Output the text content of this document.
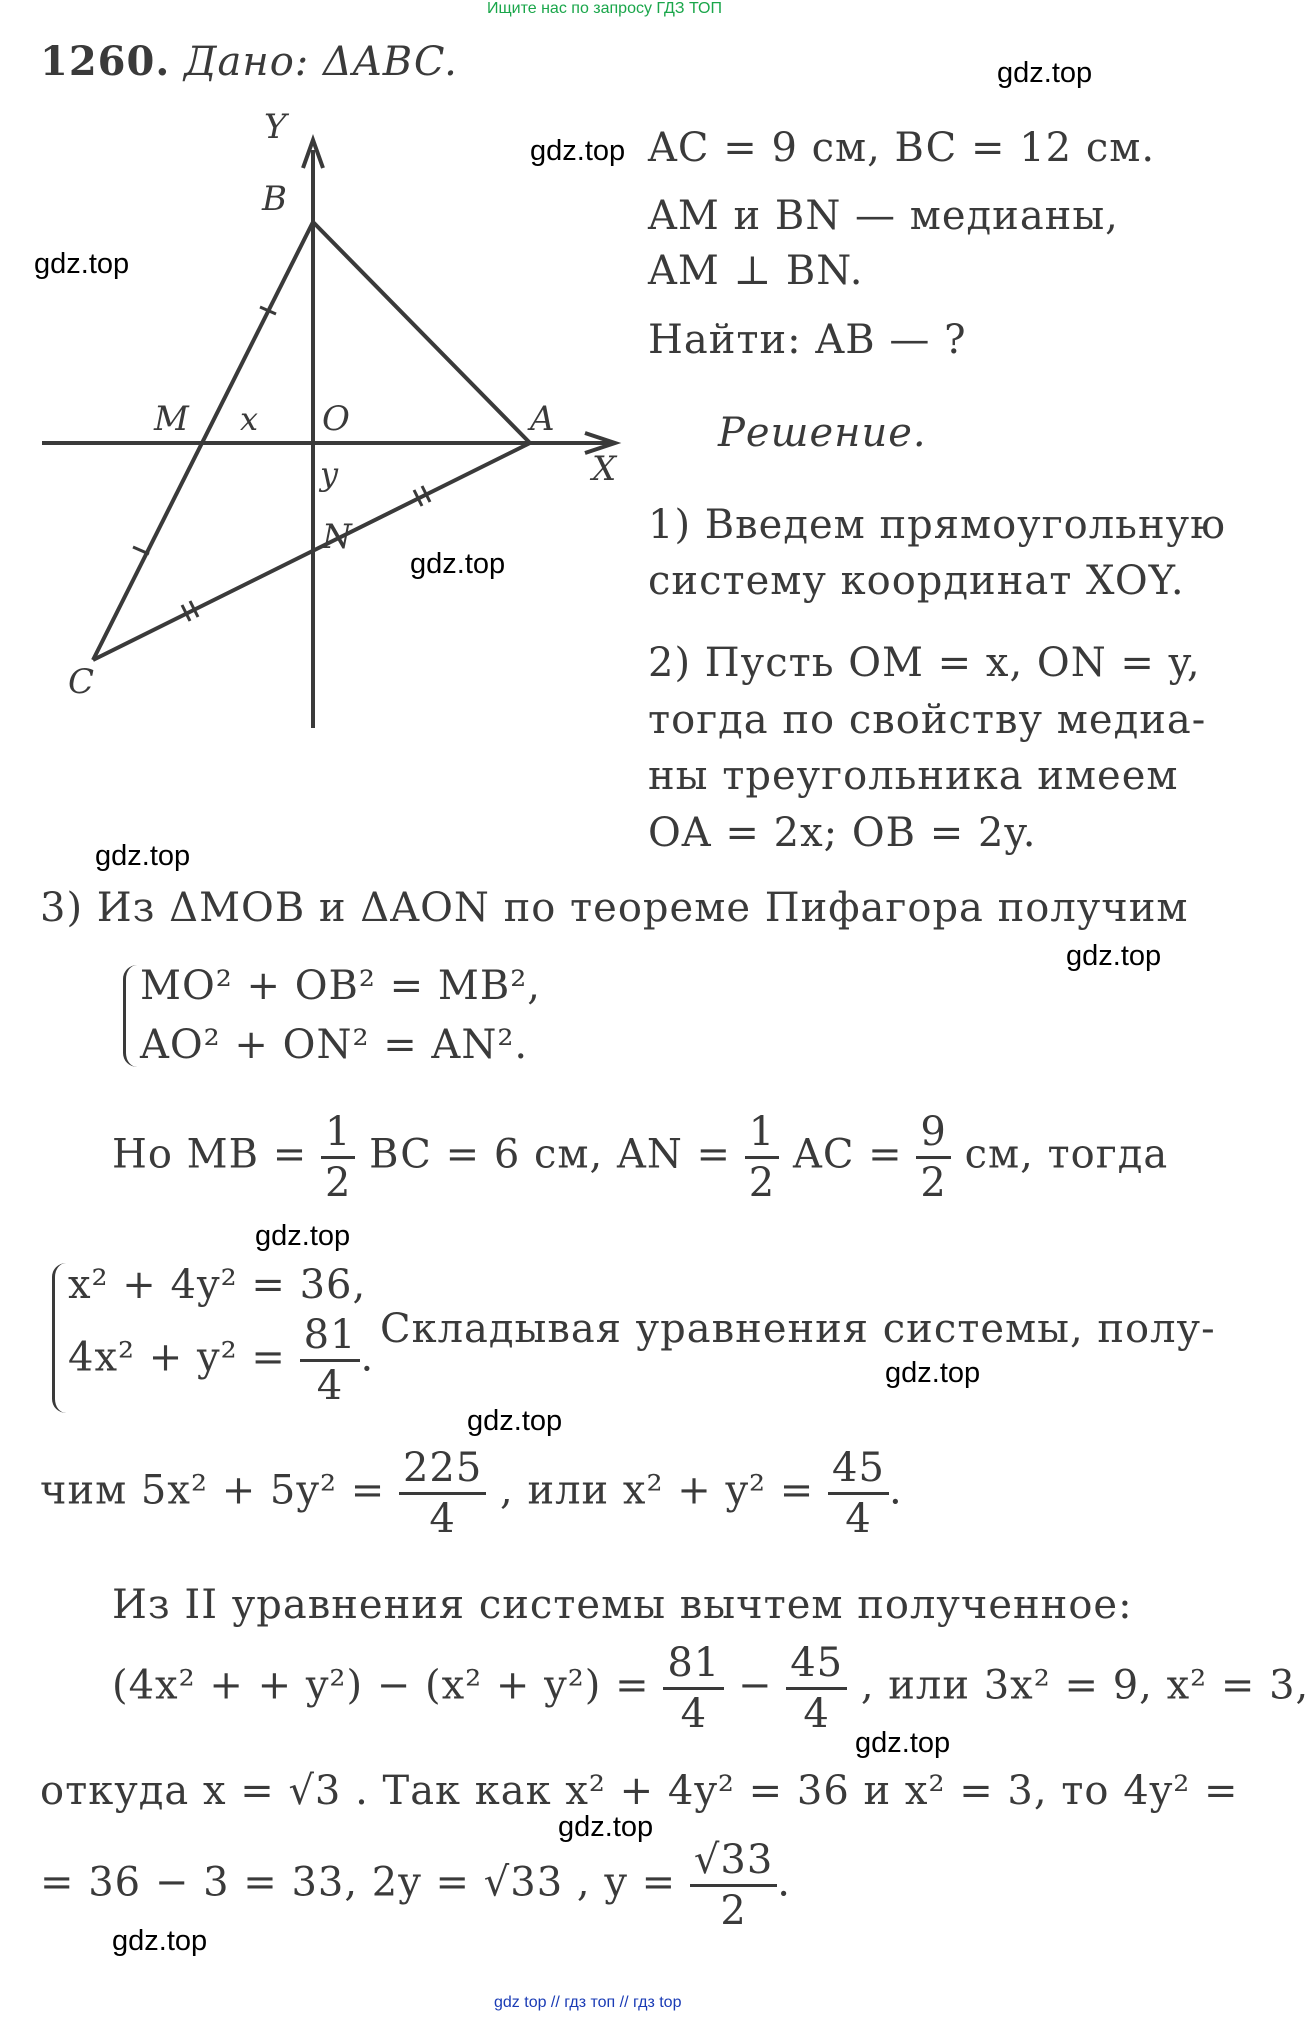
Ищите нас по запросу ГДЗ ТОП
1260. Дано: ΔABC.
Y
X
B
M x O	A
y
N
C
AC = 9 см, BC = 12 см.
AM и BN — медианы,
AM ⊥ BN.
Найти: AB — ?
Решение.
1) Введем прямоугольную
систему координат XOY.
2) Пусть OM = x, ON = y,
тогда по свойству медиа-
ны треугольника имеем
OA = 2x; OB = 2y.
3) Из ΔMOB и ΔAON по теореме Пифагора получим
MO² + OB² = MB²,
AO² + ON² = AN².
Но MB = $\frac{1}{2}$ BC = 6 см, AN = $\frac{1}{2}$ AC = $\frac{9}{2}$ см, тогда
x² + 4y² = 36,
$4x^2 + y^2 = \frac{81}{4}$ .
Складывая уравнения системы, полу-
чим $5x^2 + 5y^2 = \frac{225}{4}$ , или $x^2 + y^2 = \frac{45}{4}$ .
Из II уравнения системы вычтем полученное:
(4x² + + $y^2) - (x^2 + y^2) = \frac{81}{4} - \frac{45}{4}$ , или 3x² = 9, x² = 3,
откуда x = √3 . Так как x² + 4y² = 36 и x² = 3, то 4y² =
= 36 − 3 = 33, 2y = √33 , $y = \frac{√33}{2}$ .
gdz.top
gdz.top
gdz.top
gdz.top
gdz.top
gdz.top
gdz.top
gdz.top
gdz.top
gdz.top
gdz.top
gdz.top
gdz top // гдз топ // гдз top
